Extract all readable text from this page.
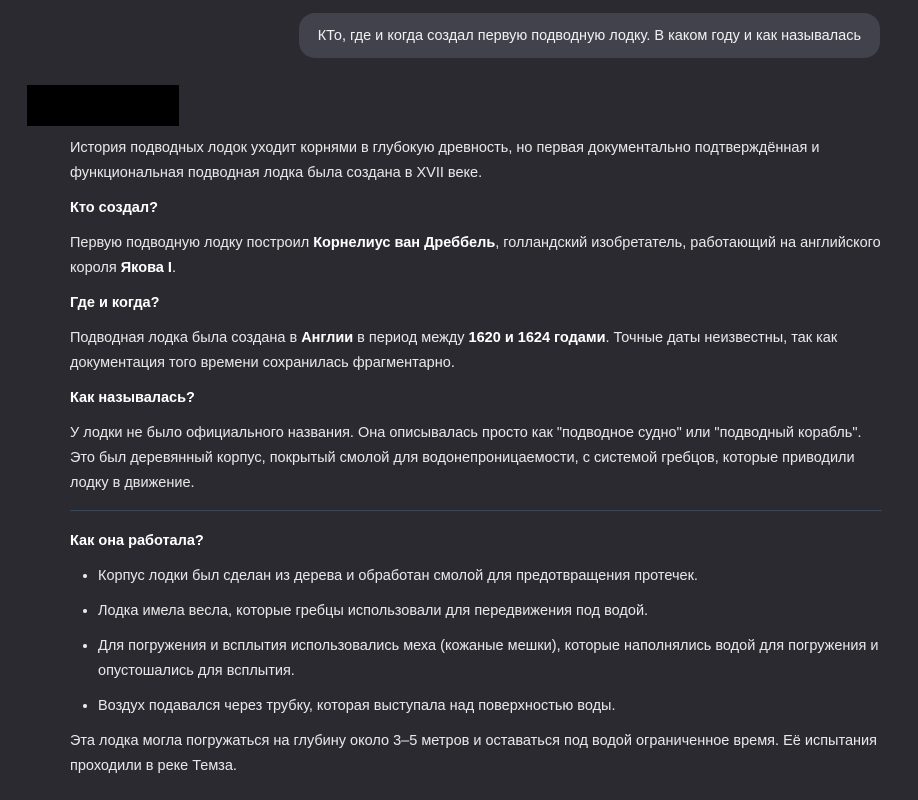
КТо, где и когда создал первую подводную лодку. В каком году и как называлась

История подводных лодок уходит корнями в глубокую древность, но первая документально подтверждённая и функциональная подводная лодка была создана в XVII веке.

Кто создал?

Первую подводную лодку построил Корнелиус ван Дреббель, голландский изобретатель, работающий на английского короля Якова I.

Где и когда?

Подводная лодка была создана в Англии в период между 1620 и 1624 годами. Точные даты неизвестны, так как документация того времени сохранилась фрагментарно.

Как называлась?

У лодки не было официального названия. Она описывалась просто как "подводное судно" или "подводный корабль". Это был деревянный корпус, покрытый смолой для водонепроницаемости, с системой гребцов, которые приводили лодку в движение.

Как она работала?

• Корпус лодки был сделан из дерева и обработан смолой для предотвращения протечек.
• Лодка имела весла, которые гребцы использовали для передвижения под водой.
• Для погружения и всплытия использовались меха (кожаные мешки), которые наполнялись водой для погружения и опустошались для всплытия.
• Воздух подавался через трубку, которая выступала над поверхностью воды.

Эта лодка могла погружаться на глубину около 3–5 метров и оставаться под водой ограниченное время. Её испытания проходили в реке Темза.
